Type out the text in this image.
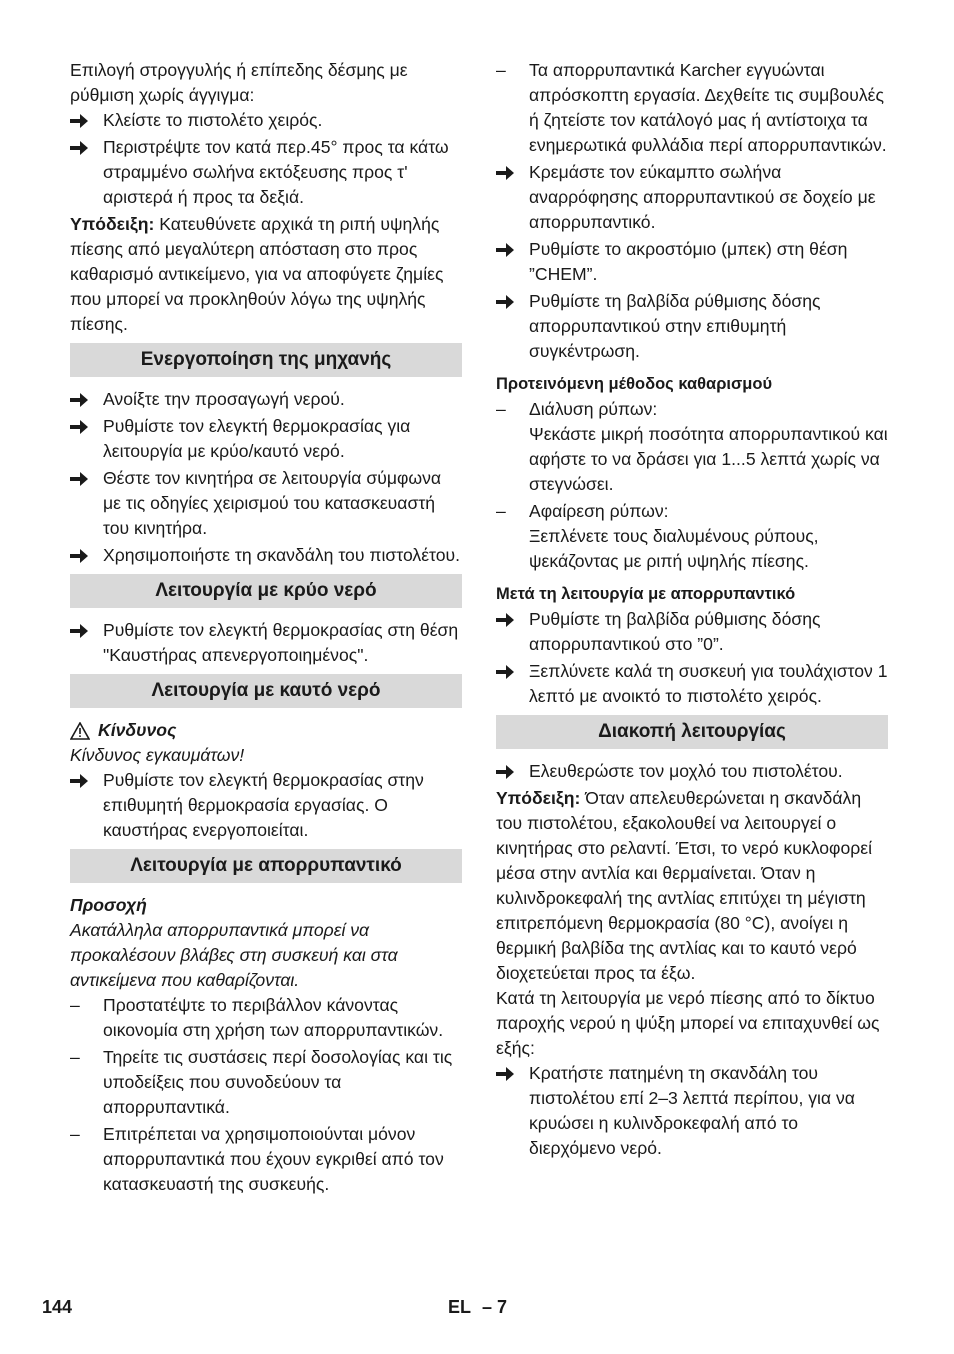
Επιλογή στρογγυλής ή επίπεδης δέσμης με ρύθμιση χωρίς άγγιγμα:

Κλείστε το πιστολέτο χειρός.
Περιστρέψτε τον κατά περ.45° προς τα κάτω στραμμένο σωλήνα εκτόξευσης προς τ' αριστερά ή προς τα δεξιά.

Υπόδειξη: Κατευθύνετε αρχικά τη ριπή υψηλής πίεσης από μεγαλύτερη απόσταση στο προς καθαρισμό αντικείμενο, για να αποφύγετε ζημίες που μπορεί να προκληθούν λόγω της υψηλής πίεσης.

Ενεργοποίηση της μηχανής
Ανοίξτε την προσαγωγή νερού.
Ρυθμίστε τον ελεγκτή θερμοκρασίας για λειτουργία με κρύο/καυτό νερό.
Θέστε τον κινητήρα σε λειτουργία σύμφωνα με τις οδηγίες χειρισμού του κατασκευαστή του κινητήρα.
Χρησιμοποιήστε τη σκανδάλη του πιστολέτου.
Λειτουργία με κρύο νερό
Ρυθμίστε τον ελεγκτή θερμοκρασίας στη θέση "Καυστήρας απενεργοποιημένος".
Λειτουργία με καυτό νερό
Κίνδυνος

Κίνδυνος εγκαυμάτων!

Ρυθμίστε τον ελεγκτή θερμοκρασίας στην επιθυμητή θερμοκρασία εργασίας. Ο καυστήρας ενεργοποιείται.
Λειτουργία με απορρυπαντικό

Προσοχή

Ακατάλληλα απορρυπαντικά μπορεί να προκαλέσουν βλάβες στη συσκευή και στα αντικείμενα που καθαρίζονται.

–	Προστατέψτε το περιβάλλον κάνοντας οικονομία στη χρήση των απορρυπαντικών.
–	Τηρείτε τις συστάσεις περί δοσολογίας και τις υποδείξεις που συνοδεύουν τα απορρυπαντικά.
–	Επιτρέπεται να χρησιμοποιούνται μόνον απορρυπαντικά που έχουν εγκριθεί από τον κατασκευαστή της συσκευής.
–	Τα απορρυπαντικά Karcher εγγυώνται απρόσκοπτη εργασία. Δεχθείτε τις συμβουλές ή ζητείστε τον κατάλογό μας ή αντίστοιχα τα ενημερωτικά φυλλάδια περί απορρυπαντικών.
Κρεμάστε τον εύκαμπτο σωλήνα αναρρόφησης απορρυπαντικού σε δοχείο με απορρυπαντικό.
Ρυθμίστε το ακροστόμιο (μπεκ) στη θέση ”CHEM”.
Ρυθμίστε τη βαλβίδα ρύθμισης δόσης απορρυπαντικού στην επιθυμητή συγκέντρωση.
Προτεινόμενη μέθοδος καθαρισμού
–	Διάλυση ρύπων:

Ψεκάστε μικρή ποσότητα απορρυπαντικού και αφήστε το να δράσει για 1...5 λεπτά χωρίς να στεγνώσει.

–	Αφαίρεση ρύπων:

Ξεπλένετε τους διαλυμένους ρύπους, ψεκάζοντας με ριπή υψηλής πίεσης.

Μετά τη λειτουργία με απορρυπαντικό
Ρυθμίστε τη βαλβίδα ρύθμισης δόσης απορρυπαντικού στο ”0”.
Ξεπλύνετε καλά τη συσκευή για τουλάχιστον 1 λεπτό με ανοικτό το πιστολέτο χειρός.
Διακοπή λειτουργίας
Ελευθερώστε τον μοχλό του πιστολέτου.

Υπόδειξη: Όταν απελευθερώνεται η σκανδάλη του πιστολέτου, εξακολουθεί να λειτουργεί ο κινητήρας στο ρελαντί. Έτσι, το νερό κυκλοφορεί μέσα στην αντλία και θερμαίνεται. Όταν η κυλινδροκεφαλή της αντλίας επιτύχει τη μέγιστη επιτρεπόμενη θερμοκρασία (80 °C), ανοίγει η θερμική βαλβίδα της αντλίας και το καυτό νερό διοχετεύεται προς τα έξω.

Κατά τη λειτουργία με νερό πίεσης από το δίκτυο παροχής νερού η ψύξη μπορεί να επιταχυνθεί ως εξής:

Κρατήστε πατημένη τη σκανδάλη του πιστολέτου επί 2–3 λεπτά περίπου, για να κρυώσει η κυλινδροκεφαλή από το διερχόμενο νερό.
144	EL – 7
